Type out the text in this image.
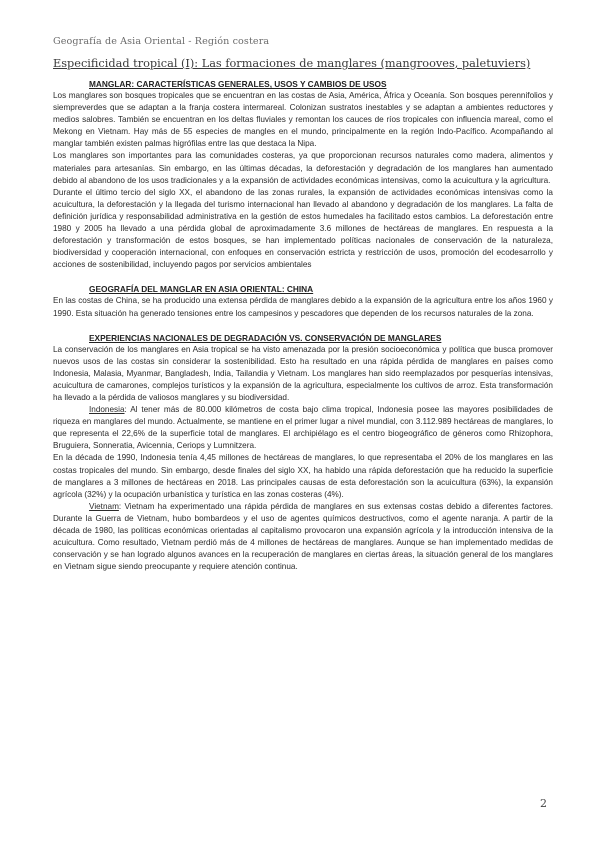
Geografía de Asia Oriental - Región costera
Especificidad tropical (I): Las formaciones de manglares (mangrooves, paletuviers)

MANGLAR: CARACTERÍSTICAS GENERALES, USOS Y CAMBIOS DE USOS

Los manglares son bosques tropicales que se encuentran en las costas de Asia, América, África y Oceanía. Son bosques perennifolios y siempreverdes que se adaptan a la franja costera intermareal. Colonizan sustratos inestables y se adaptan a ambientes reductores y medios salobres. También se encuentran en los deltas fluviales y remontan los cauces de ríos tropicales con influencia mareal, como el Mekong en Vietnam. Hay más de 55 especies de mangles en el mundo, principalmente en la región Indo-Pacífico. Acompañando al manglar también existen palmas higrófilas entre las que destaca la Nipa.

Los manglares son importantes para las comunidades costeras, ya que proporcionan recursos naturales como madera, alimentos y materiales para artesanías. Sin embargo, en las últimas décadas, la deforestación y degradación de los manglares han aumentado debido al abandono de los usos tradicionales y a la expansión de actividades económicas intensivas, como la acuicultura y la agricultura.

Durante el último tercio del siglo XX, el abandono de las zonas rurales, la expansión de actividades económicas intensivas como la acuicultura, la deforestación y la llegada del turismo internacional han llevado al abandono y degradación de los manglares. La falta de definición jurídica y responsabilidad administrativa en la gestión de estos humedales ha facilitado estos cambios. La deforestación entre 1980 y 2005 ha llevado a una pérdida global de aproximadamente 3.6 millones de hectáreas de manglares. En respuesta a la deforestación y transformación de estos bosques, se han implementado políticas nacionales de conservación de la naturaleza, biodiversidad y cooperación internacional, con enfoques en conservación estricta y restricción de usos, promoción del ecodesarrollo y acciones de sostenibilidad, incluyendo pagos por servicios ambientales

GEOGRAFÍA DEL MANGLAR EN ASIA ORIENTAL: CHINA

En las costas de China, se ha producido una extensa pérdida de manglares debido a la expansión de la agricultura entre los años 1960 y 1990. Esta situación ha generado tensiones entre los campesinos y pescadores que dependen de los recursos naturales de la zona.

EXPERIENCIAS NACIONALES DE DEGRADACIÓN VS. CONSERVACIÓN DE MANGLARES

La conservación de los manglares en Asia tropical se ha visto amenazada por la presión socioeconómica y política que busca promover nuevos usos de las costas sin considerar la sostenibilidad. Esto ha resultado en una rápida pérdida de manglares en países como Indonesia, Malasia, Myanmar, Bangladesh, India, Tailandia y Vietnam. Los manglares han sido reemplazados por pesquerías intensivas, acuicultura de camarones, complejos turísticos y la expansión de la agricultura, especialmente los cultivos de arroz. Esta transformación ha llevado a la pérdida de valiosos manglares y su biodiversidad.

Indonesia: Al tener más de 80.000 kilómetros de costa bajo clima tropical, Indonesia posee las mayores posibilidades de riqueza en manglares del mundo. Actualmente, se mantiene en el primer lugar a nivel mundial, con 3.112.989 hectáreas de manglares, lo que representa el 22,6% de la superficie total de manglares. El archipiélago es el centro biogeográfico de géneros como Rhizophora, Bruguiera, Sonneratia, Avicennia, Ceriops y Lumnitzera.

En la década de 1990, Indonesia tenía 4,45 millones de hectáreas de manglares, lo que representaba el 20% de los manglares en las costas tropicales del mundo. Sin embargo, desde finales del siglo XX, ha habido una rápida deforestación que ha reducido la superficie de manglares a 3 millones de hectáreas en 2018. Las principales causas de esta deforestación son la acuicultura (63%), la expansión agrícola (32%) y la ocupación urbanística y turística en las zonas costeras (4%).

Vietnam: Vietnam ha experimentado una rápida pérdida de manglares en sus extensas costas debido a diferentes factores. Durante la Guerra de Vietnam, hubo bombardeos y el uso de agentes químicos destructivos, como el agente naranja. A partir de la década de 1980, las políticas económicas orientadas al capitalismo provocaron una expansión agrícola y la introducción intensiva de la acuicultura. Como resultado, Vietnam perdió más de 4 millones de hectáreas de manglares. Aunque se han implementado medidas de conservación y se han logrado algunos avances en la recuperación de manglares en ciertas áreas, la situación general de los manglares en Vietnam sigue siendo preocupante y requiere atención continua.

2
